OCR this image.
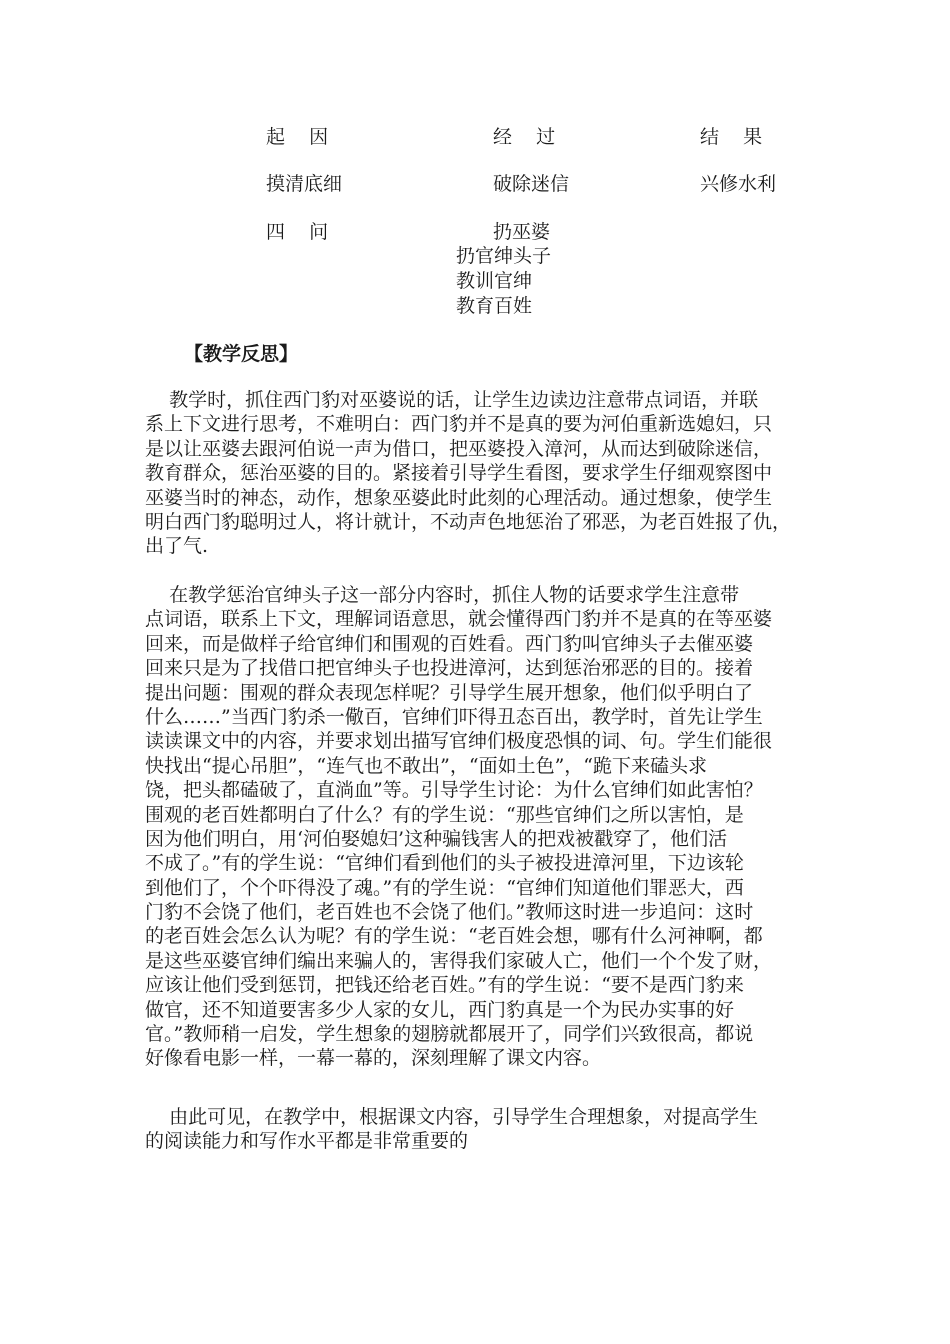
起    因	经    过	结    果
摸清底细	破除迷信	兴修水利
四    问	扔巫婆
扔官绅头子
教训官绅
教育百姓
【教学反思】
教学时，抓住西门豹对巫婆说的话，让学生边读边注意带点词语，并联
系上下文进行思考，不难明白：西门豹并不是真的要为河伯重新选媳妇，只
是以让巫婆去跟河伯说一声为借口，把巫婆投入漳河，从而达到破除迷信，
教育群众，惩治巫婆的目的。紧接着引导学生看图，要求学生仔细观察图中
巫婆当时的神态，动作，想象巫婆此时此刻的心理活动。通过想象，使学生
明白西门豹聪明过人，将计就计，不动声色地惩治了邪恶，为老百姓报了仇，
出了气.
在教学惩治官绅头子这一部分内容时，抓住人物的话要求学生注意带
点词语，联系上下文，理解词语意思，就会懂得西门豹并不是真的在等巫婆
回来，而是做样子给官绅们和围观的百姓看。西门豹叫官绅头子去催巫婆
回来只是为了找借口把官绅头子也投进漳河，达到惩治邪恶的目的。接着
提出问题：围观的群众表现怎样呢？引导学生展开想象，他们似乎明白了
什么……”当西门豹杀一儆百，官绅们吓得丑态百出，教学时，首先让学生
读读课文中的内容，并要求划出描写官绅们极度恐惧的词、句。学生们能很
快找出“提心吊胆”，“连气也不敢出”，“面如土色”，“跪下来磕头求
饶，把头都磕破了，直淌血”等。引导学生讨论：为什么官绅们如此害怕？
围观的老百姓都明白了什么？有的学生说：“那些官绅们之所以害怕，是
因为他们明白，用‘河伯娶媳妇’这种骗钱害人的把戏被戳穿了，他们活
不成了。”有的学生说：“官绅们看到他们的头子被投进漳河里，下边该轮
到他们了，个个吓得没了魂。”有的学生说：“官绅们知道他们罪恶大，西
门豹不会饶了他们，老百姓也不会饶了他们。”教师这时进一步追问：这时
的老百姓会怎么认为呢？有的学生说：“老百姓会想，哪有什么河神啊，都
是这些巫婆官绅们编出来骗人的，害得我们家破人亡，他们一个个发了财，
应该让他们受到惩罚，把钱还给老百姓。”有的学生说：“要不是西门豹来
做官，还不知道要害多少人家的女儿，西门豹真是一个为民办实事的好
官。”教师稍一启发，学生想象的翅膀就都展开了，同学们兴致很高，都说
好像看电影一样，一幕一幕的，深刻理解了课文内容。
由此可见，在教学中，根据课文内容，引导学生合理想象，对提高学生
的阅读能力和写作水平都是非常重要的
